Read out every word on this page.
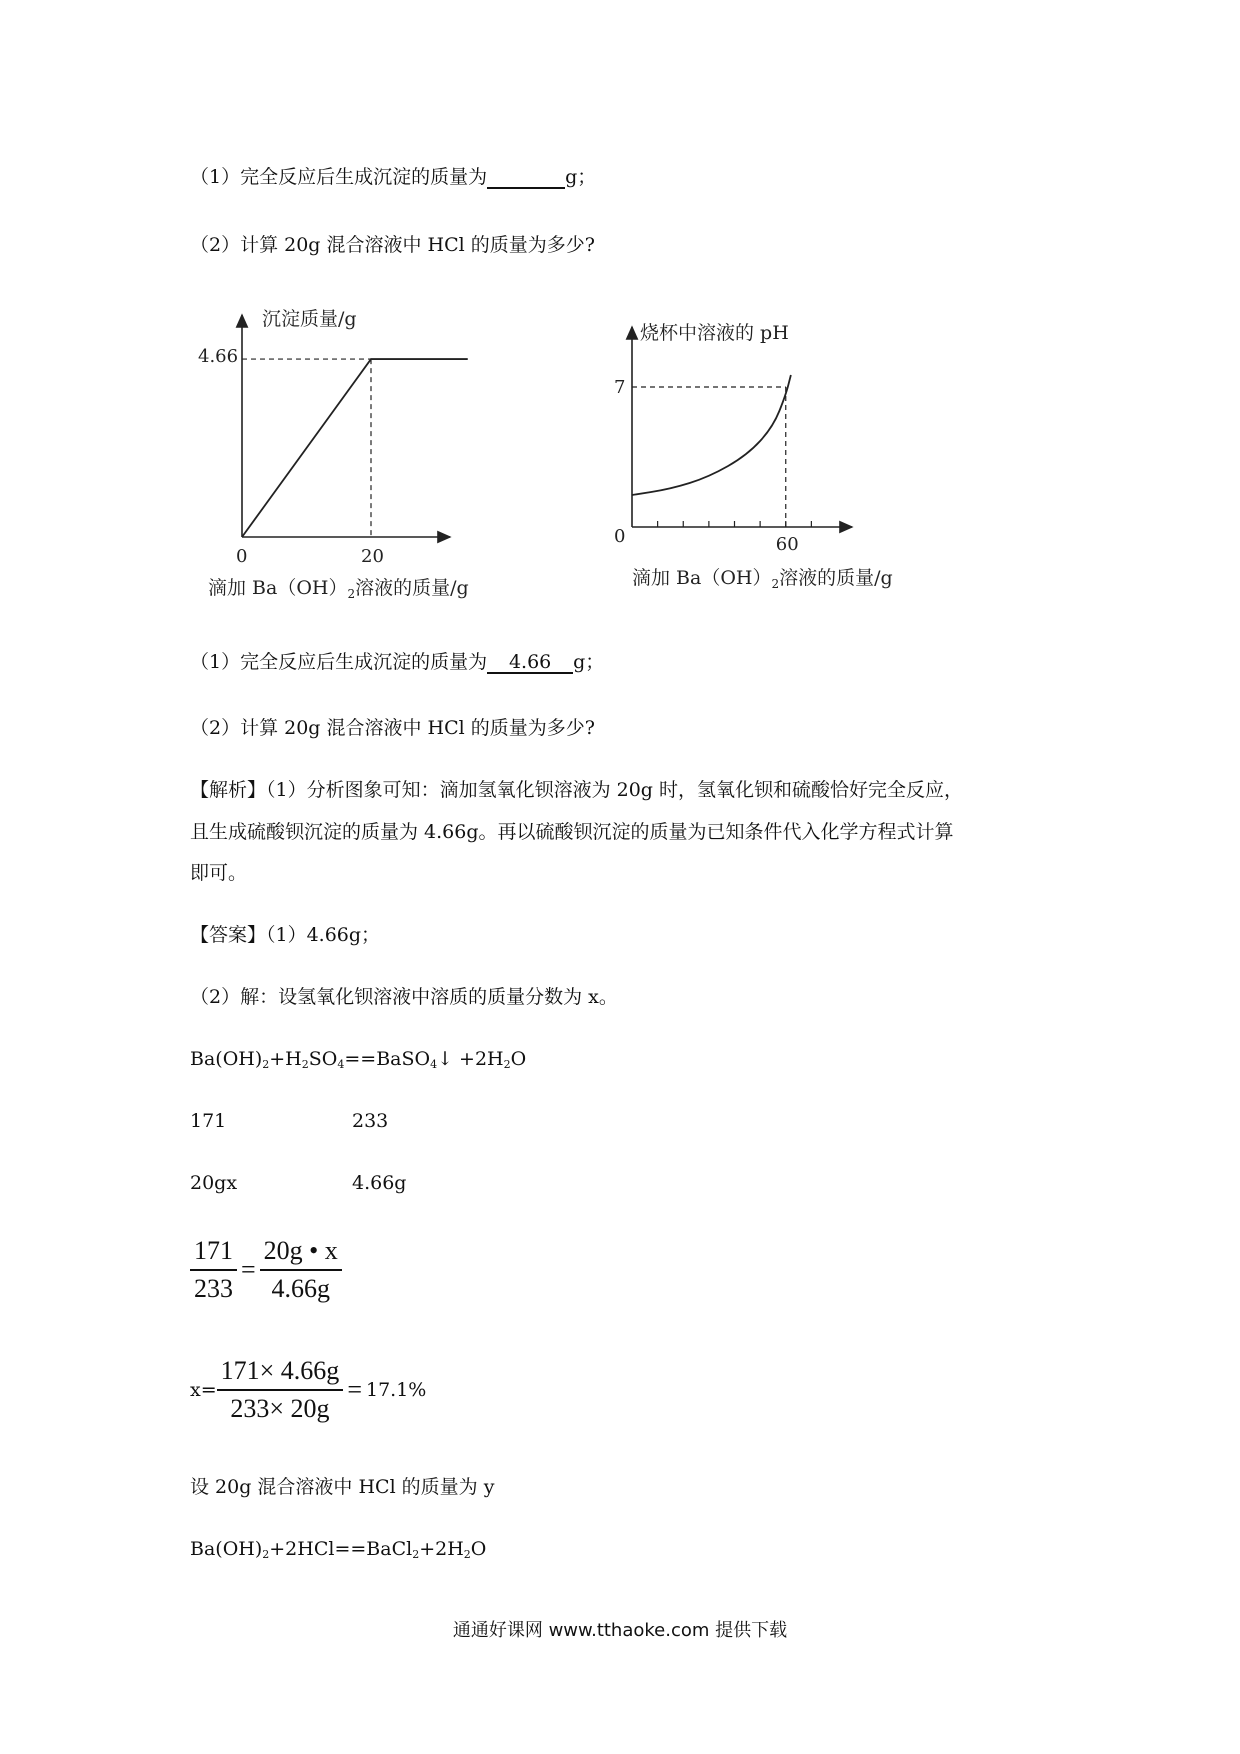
（1）完全反应后生成沉淀的质量为	g；
（2）计算 20g 混合溶液中 HCl 的质量为多少?
沉淀质量/g
4.66
0	20
滴加 $Ba(OH)_2$溶液的质量/g
烧杯中溶液的 pH
7
0	60
滴加 $Ba(OH)_2$溶液的质量/g
（1）完全反应后生成沉淀的质量为 4.66 g；
（2）计算 20g 混合溶液中 HCl 的质量为多少?
【解析】（1）分析图象可知：滴加氢氧化钡溶液为 20g 时，氢氧化钡和硫酸恰好完全反应，
且生成硫酸钡沉淀的质量为 4.66g。再以硫酸钡沉淀的质量为已知条件代入化学方程式计算
即可。
【答案】（1）4.66g；
（2）解：设氢氧化钡溶液中溶质的质量分数为 x。
$Ba(OH)_2+H_2SO_4==BaSO_4↓ +2H_2O$
171	233
20gx	4.66g
$\frac{171}{233} = \frac{20g • x}{4.66g}$
$x= \frac{171\times 4.66g}{233\times 20g} = 17.1\%$
设 20g 混合溶液中 HCl 的质量为 y
$Ba(OH)_2+2HCl==BaCl_2+2H_2O$
通通好课网 www.tthaoke.com 提供下载
